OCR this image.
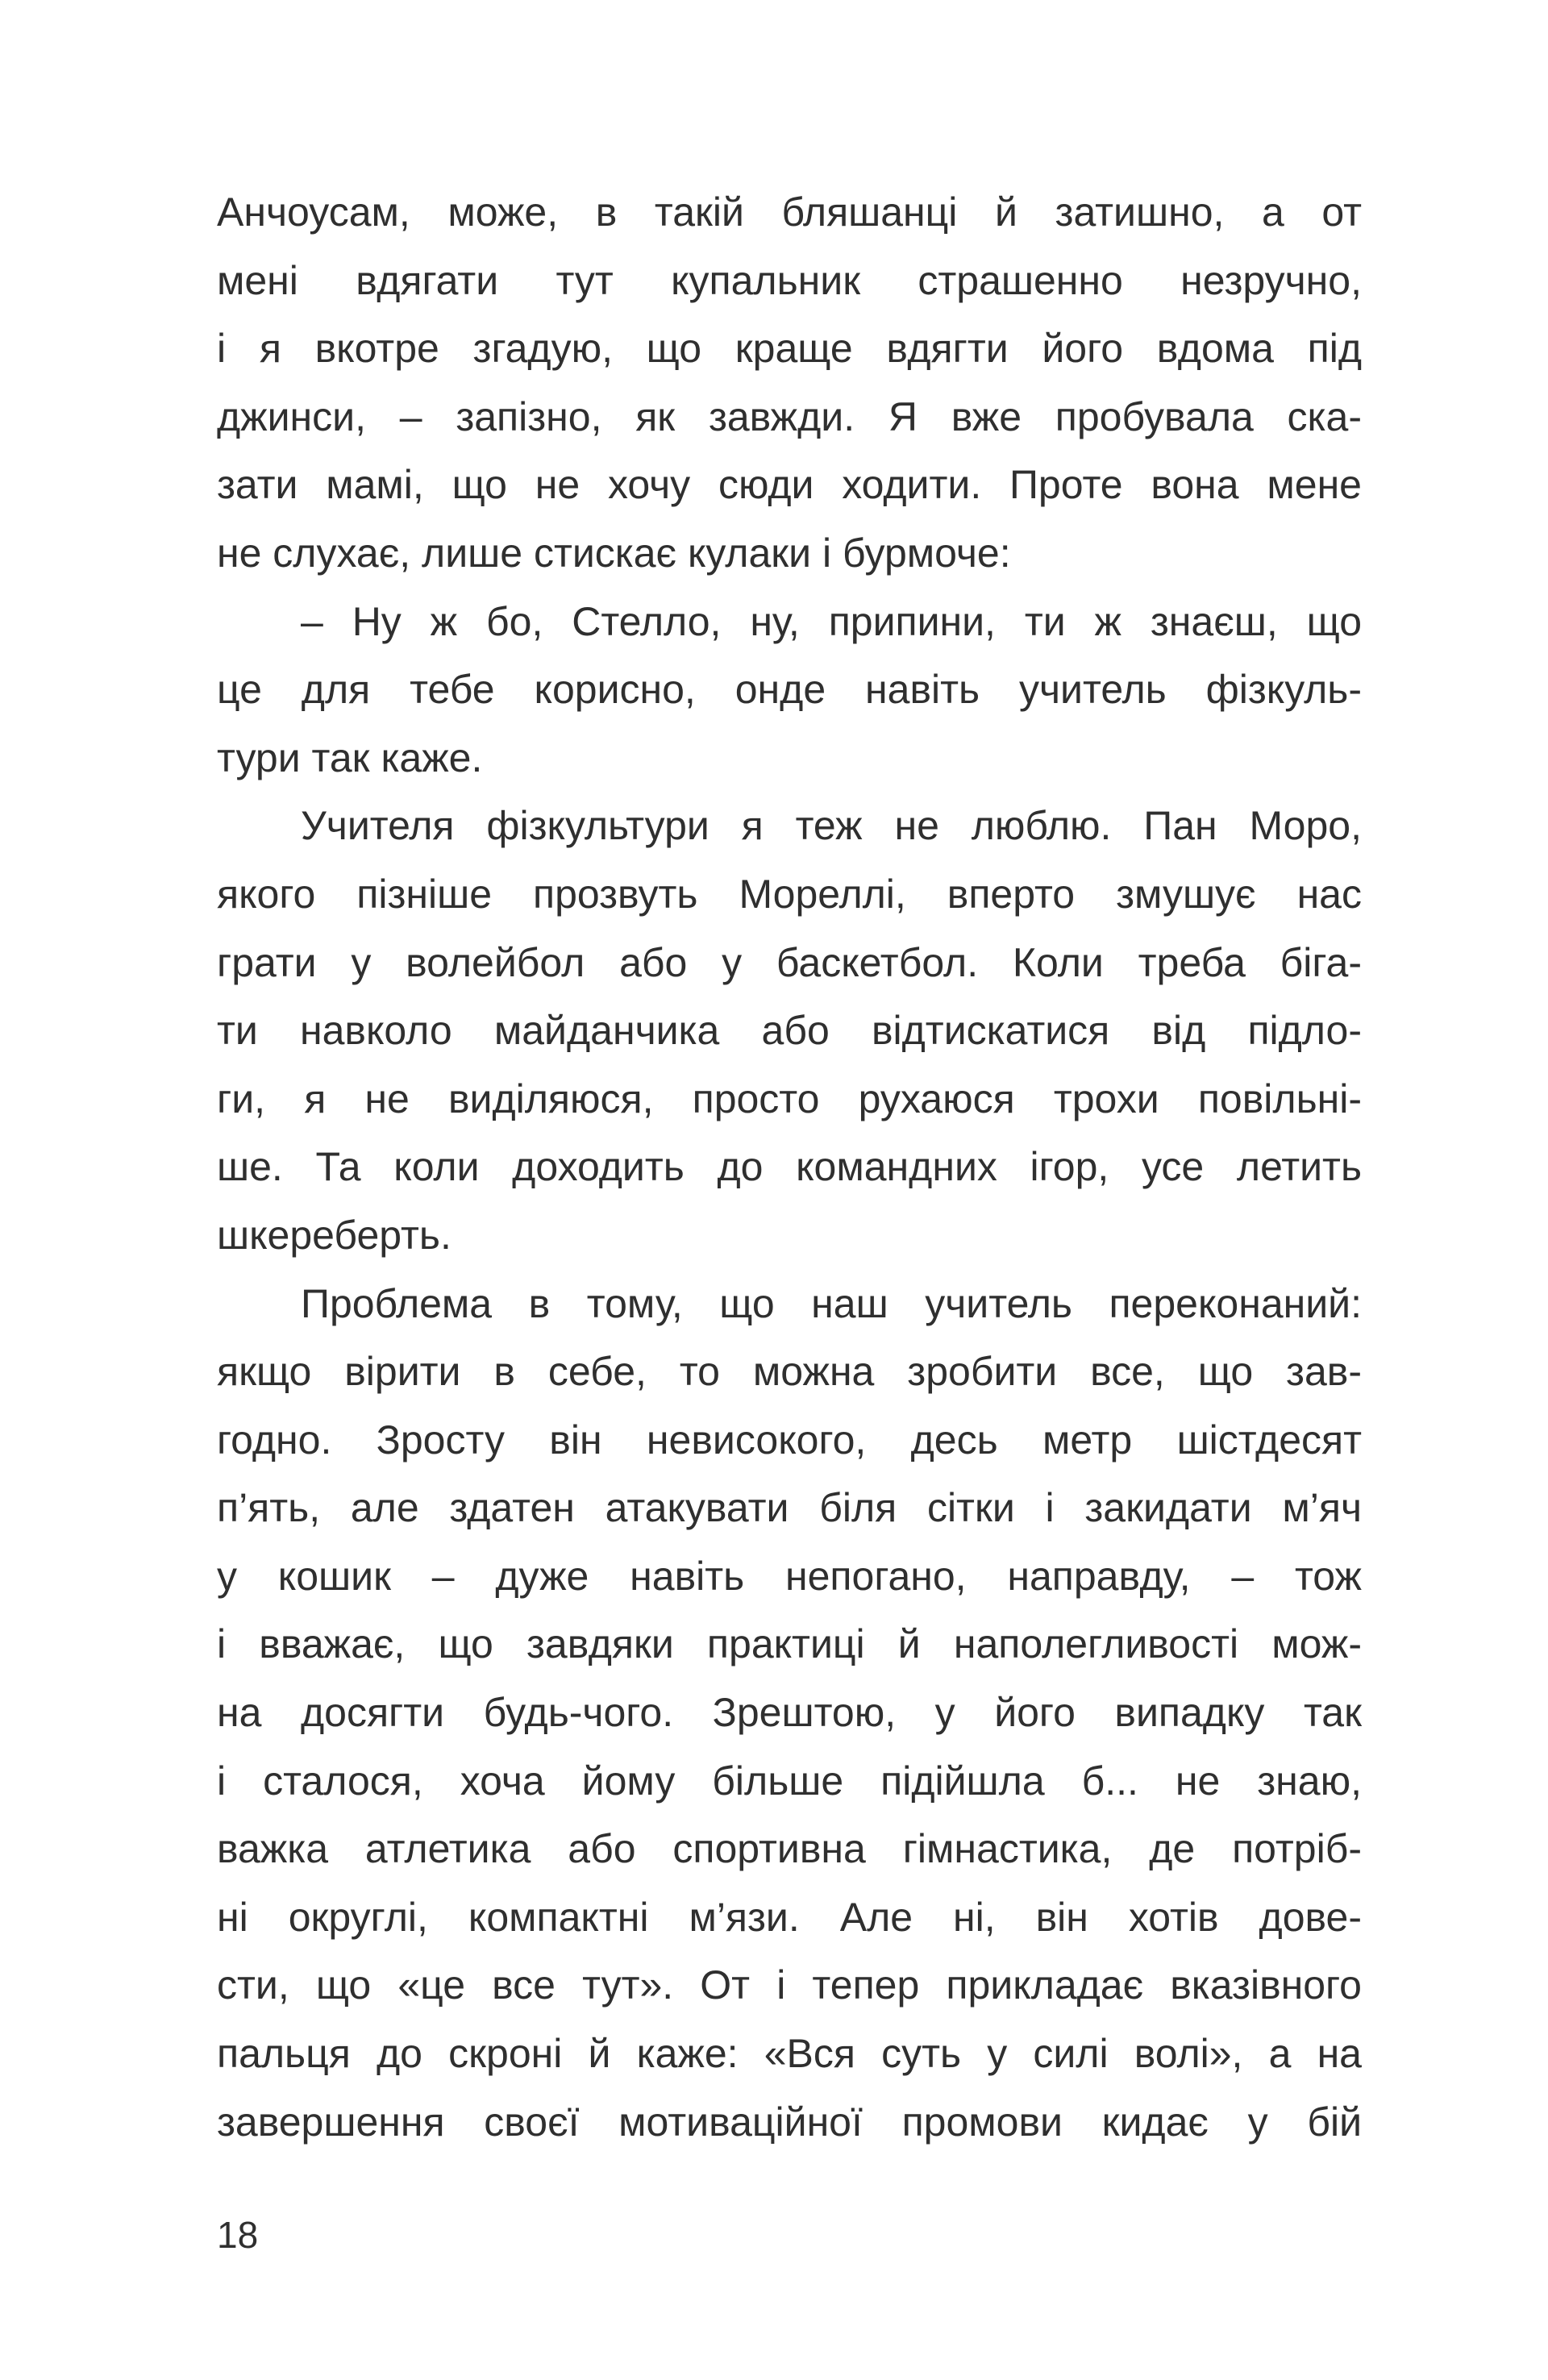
Анчоусам, може, в такій бляшанці й затишно, а от
мені вдягати тут купальник страшенно незручно,
і я вкотре згадую, що краще вдягти його вдома під
джинси, – запізно, як завжди. Я вже пробувала ска-
зати мамі, що не хочу сюди ходити. Проте вона мене
не слухає, лише стискає кулаки і бурмоче:
– Ну ж бо, Стелло, ну, припини, ти ж знаєш, що
це для тебе корисно, онде навіть учитель фізкуль-
тури так каже.
Учителя фізкультури я теж не люблю. Пан Моро,
якого пізніше прозвуть Мореллі, вперто змушує нас
грати у волейбол або у баскетбол. Коли треба біга-
ти навколо майданчика або відтискатися від підло-
ги, я не виділяюся, просто рухаюся трохи повільні-
ше. Та коли доходить до командних ігор, усе летить
шкереберть.
Проблема в тому, що наш учитель переконаний:
якщо вірити в себе, то можна зробити все, що зав-
годно. Зросту він невисокого, десь метр шістдесят
п’ять, але здатен атакувати біля сітки і закидати м’яч
у кошик – дуже навіть непогано, направду, – тож
і вважає, що завдяки практиці й наполегливості мож-
на досягти будь-чого. Зрештою, у його випадку так
і сталося, хоча йому більше підійшла б... не знаю,
важка атлетика або спортивна гімнастика, де потріб-
ні округлі, компактні м’язи. Але ні, він хотів дове-
сти, що «це все тут». От і тепер прикладає вказівного
пальця до скроні й каже: «Вся суть у силі волі», а на
завершення своєї мотиваційної промови кидає у бій
18
